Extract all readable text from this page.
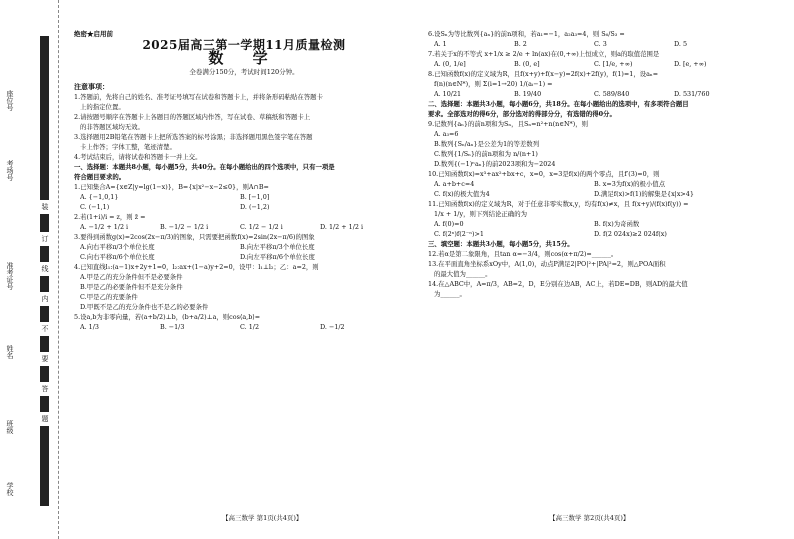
座位号
考场号
准考证号
姓名
班级
学校
装
订
线
内
不
要
答
题

绝密★启用前

2025届高三第一学期11月质量检测
数 学
全卷满分150分，考试时间120分钟。
注意事项：

1.答题前，先将自己的姓名、准考证号填写在试卷和答题卡上，并将条形码粘贴在答题卡

上的指定位置。

2.请按题号顺序在答题卡上各题目的答题区域内作答，写在试卷、草稿纸和答题卡上

的非答题区域均无效。

3.选择题用2B铅笔在答题卡上把所选答案的标号涂黑；非选择题用黑色签字笔在答题

卡上作答；字体工整，笔迹清楚。

4.考试结束后，请将试卷和答题卡一并上交。

一、选择题：本题共8小题，每小题5分，共40分。在每小题给出的四个选项中，只有一项是

符合题目要求的。

1.已知集合A={x∈Z|y=lg(1−x)}，B={x|x²−x−2≤0}，则A∩B=

A. {−1,0,1}	B. [−1,0]
C. (−1,1)	D. (−1,2)

2.若(1+i)/i = z，则 z̄ =

A. −1/2 + 1/2 i	B. −1/2 − 1/2 i	C. 1/2 − 1/2 i	D. 1/2 + 1/2 i

3.要得到函数g(x)=2cos(2x−π/3)的图象，只需要把函数f(x)=2sin(2x−π/6)的图象

A.向右平移π/3个单位长度	B.向左平移π/3个单位长度
C.向右平移π/6个单位长度	D.向左平移π/6个单位长度

4.已知直线l₁:(a−1)x+2y+1=0，l₂:ax+(1−a)y+2=0，设甲：l₁⊥l₂；乙：a=2，则

A.甲是乙的充分条件但不是必要条件
B.甲是乙的必要条件但不是充分条件
C.甲是乙的充要条件
D.甲既不是乙的充分条件也不是乙的必要条件

5.设a,b为非零向量，若(a+b/2)⊥b，(b+a/2)⊥a，则cos⟨a,b⟩=

A. 1/3	B. −1/3	C. 1/2	D. −1/2

6.设Sₙ为等比数列{aₙ}的前n项和，若a₁=−1，a₂a₃=4，则 S₆/S₃ =

A. 1	B. 2	C. 3	D. 5

7.若关于x的不等式 x+1/x ≥ 2/e + ln(ax)在(0,+∞)上恒成立，则a的取值范围是

A. (0, 1/e]	B. (0, e]	C. [1/e, +∞)	D. [e, +∞)

8.已知函数f(x)的定义域为R，且f(x+y)+f(x−y)=2f(x)+2f(y)，f(1)=1，设aₙ=

f(n)(n∈N*)，则 Σ(i=1→20) 1/(aᵢ−1) =

A. 10/21	B. 19/40	C. 589/840	D. 531/760

二、选择题：本题共3小题，每小题6分，共18分。在每小题给出的选项中，有多项符合题目

要求。全部选对的得6分，部分选对的得部分分，有选错的得0分。

9.记数列{aₙ}的前n项和为Sₙ，且Sₙ=n²+n(n∈N*)，则

A. a₃=6
B.数列{Sₙ/aₙ}是公差为1的等差数列
C.数列{1/Sₙ}的前n项和为 n/(n+1)
D.数列{(−1)ⁿaₙ}的前2023项和为−2024

10.已知函数f(x)=x³+ax²+bx+c，x=0，x=3是f(x)的两个零点，且f′(3)=0，则

A. a+b+c=4	B. x=3为f(x)的极小值点
C. f(x)的极大值为4	D.满足f(x)>f(1)的解集是{x|x>4}

11.已知函数f(x)的定义域为R，对于任意非零实数x,y，均有f(x)≠x，且 f(x+y)/(f(x)f(y)) =

1/x + 1/y，则下列结论正确的为

A. f(0)=0	B. f(x)为奇函数
C. f(2ⁿ)f(2⁻ⁿ)>1	D. f(2 024x)≥2 024f(x)

三、填空题：本题共3小题，每小题5分，共15分。

12.若α是第二象限角，且tan α=−3/4，则cos(α+π/2)=______。

13.在平面直角坐标系xOy中，A(1,0)，动点P满足2|PO|²+|PA|²=2，则△POA面积

的最大值为______。

14.在△ABC中，A=π/3，AB=2，D，E分别在边AB，AC上，若DE=DB，则AD的最大值

为______。

【高三数学 第1页(共4页)】	【高三数学 第2页(共4页)】
